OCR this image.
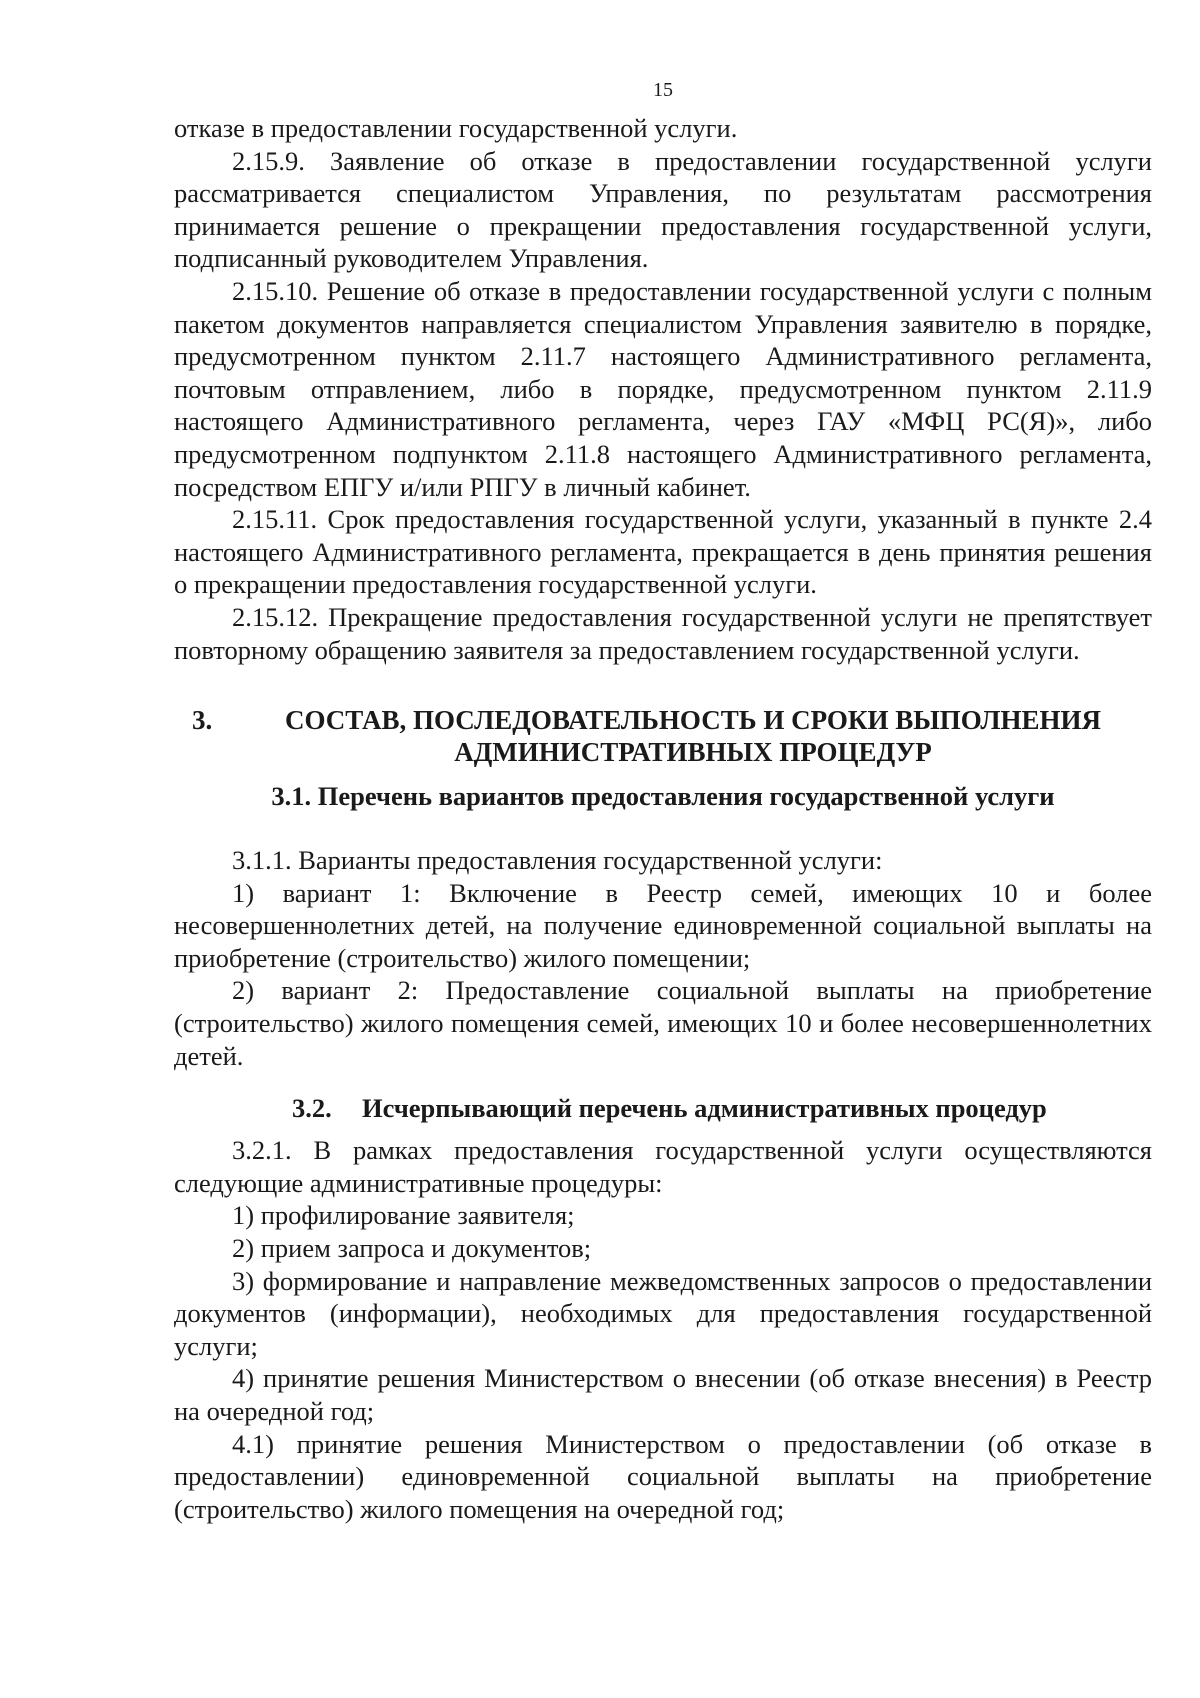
15

отказе в предоставлении государственной услуги.

2.15.9. Заявление об отказе в предоставлении государственной услуги рассматривается специалистом Управления, по результатам рассмотрения принимается решение о прекращении предоставления государственной услуги, подписанный руководителем Управления.

2.15.10. Решение об отказе в предоставлении государственной услуги с полным пакетом документов направляется специалистом Управления заявителю в порядке, предусмотренном пунктом 2.11.7 настоящего Административного регламента, почтовым отправлением, либо в порядке, предусмотренном пунктом 2.11.9 настоящего Административного регламента, через ГАУ «МФЦ РС(Я)», либо предусмотренном подпунктом 2.11.8 настоящего Административного регламента, посредством ЕПГУ и/или РПГУ в личный кабинет.

2.15.11. Срок предоставления государственной услуги, указанный в пункте 2.4 настоящего Административного регламента, прекращается в день принятия решения о прекращении предоставления государственной услуги.

2.15.12. Прекращение предоставления государственной услуги не препятствует повторному обращению заявителя за предоставлением государственной услуги.

3.	СОСТАВ, ПОСЛЕДОВАТЕЛЬНОСТЬ И СРОКИ ВЫПОЛНЕНИЯ
АДМИНИСТРАТИВНЫХ ПРОЦЕДУР
3.1. Перечень вариантов предоставления государственной услуги

3.1.1. Варианты предоставления государственной услуги:

1) вариант 1: Включение в Реестр семей, имеющих 10 и более несовершеннолетних детей, на получение единовременной социальной выплаты на приобретение (строительство) жилого помещении;

2) вариант 2: Предоставление социальной выплаты на приобретение (строительство) жилого помещения семей, имеющих 10 и более несовершеннолетних детей.

3.2. Исчерпывающий перечень административных процедур

3.2.1. В рамках предоставления государственной услуги осуществляются следующие административные процедуры:

1) профилирование заявителя;

2) прием запроса и документов;

3) формирование и направление межведомственных запросов о предоставлении документов (информации), необходимых для предоставления государственной услуги;

4) принятие решения Министерством о внесении (об отказе внесения) в Реестр на очередной год;

4.1) принятие решения Министерством о предоставлении (об отказе в предоставлении) единовременной социальной выплаты на приобретение (строительство) жилого помещения на очередной год;
